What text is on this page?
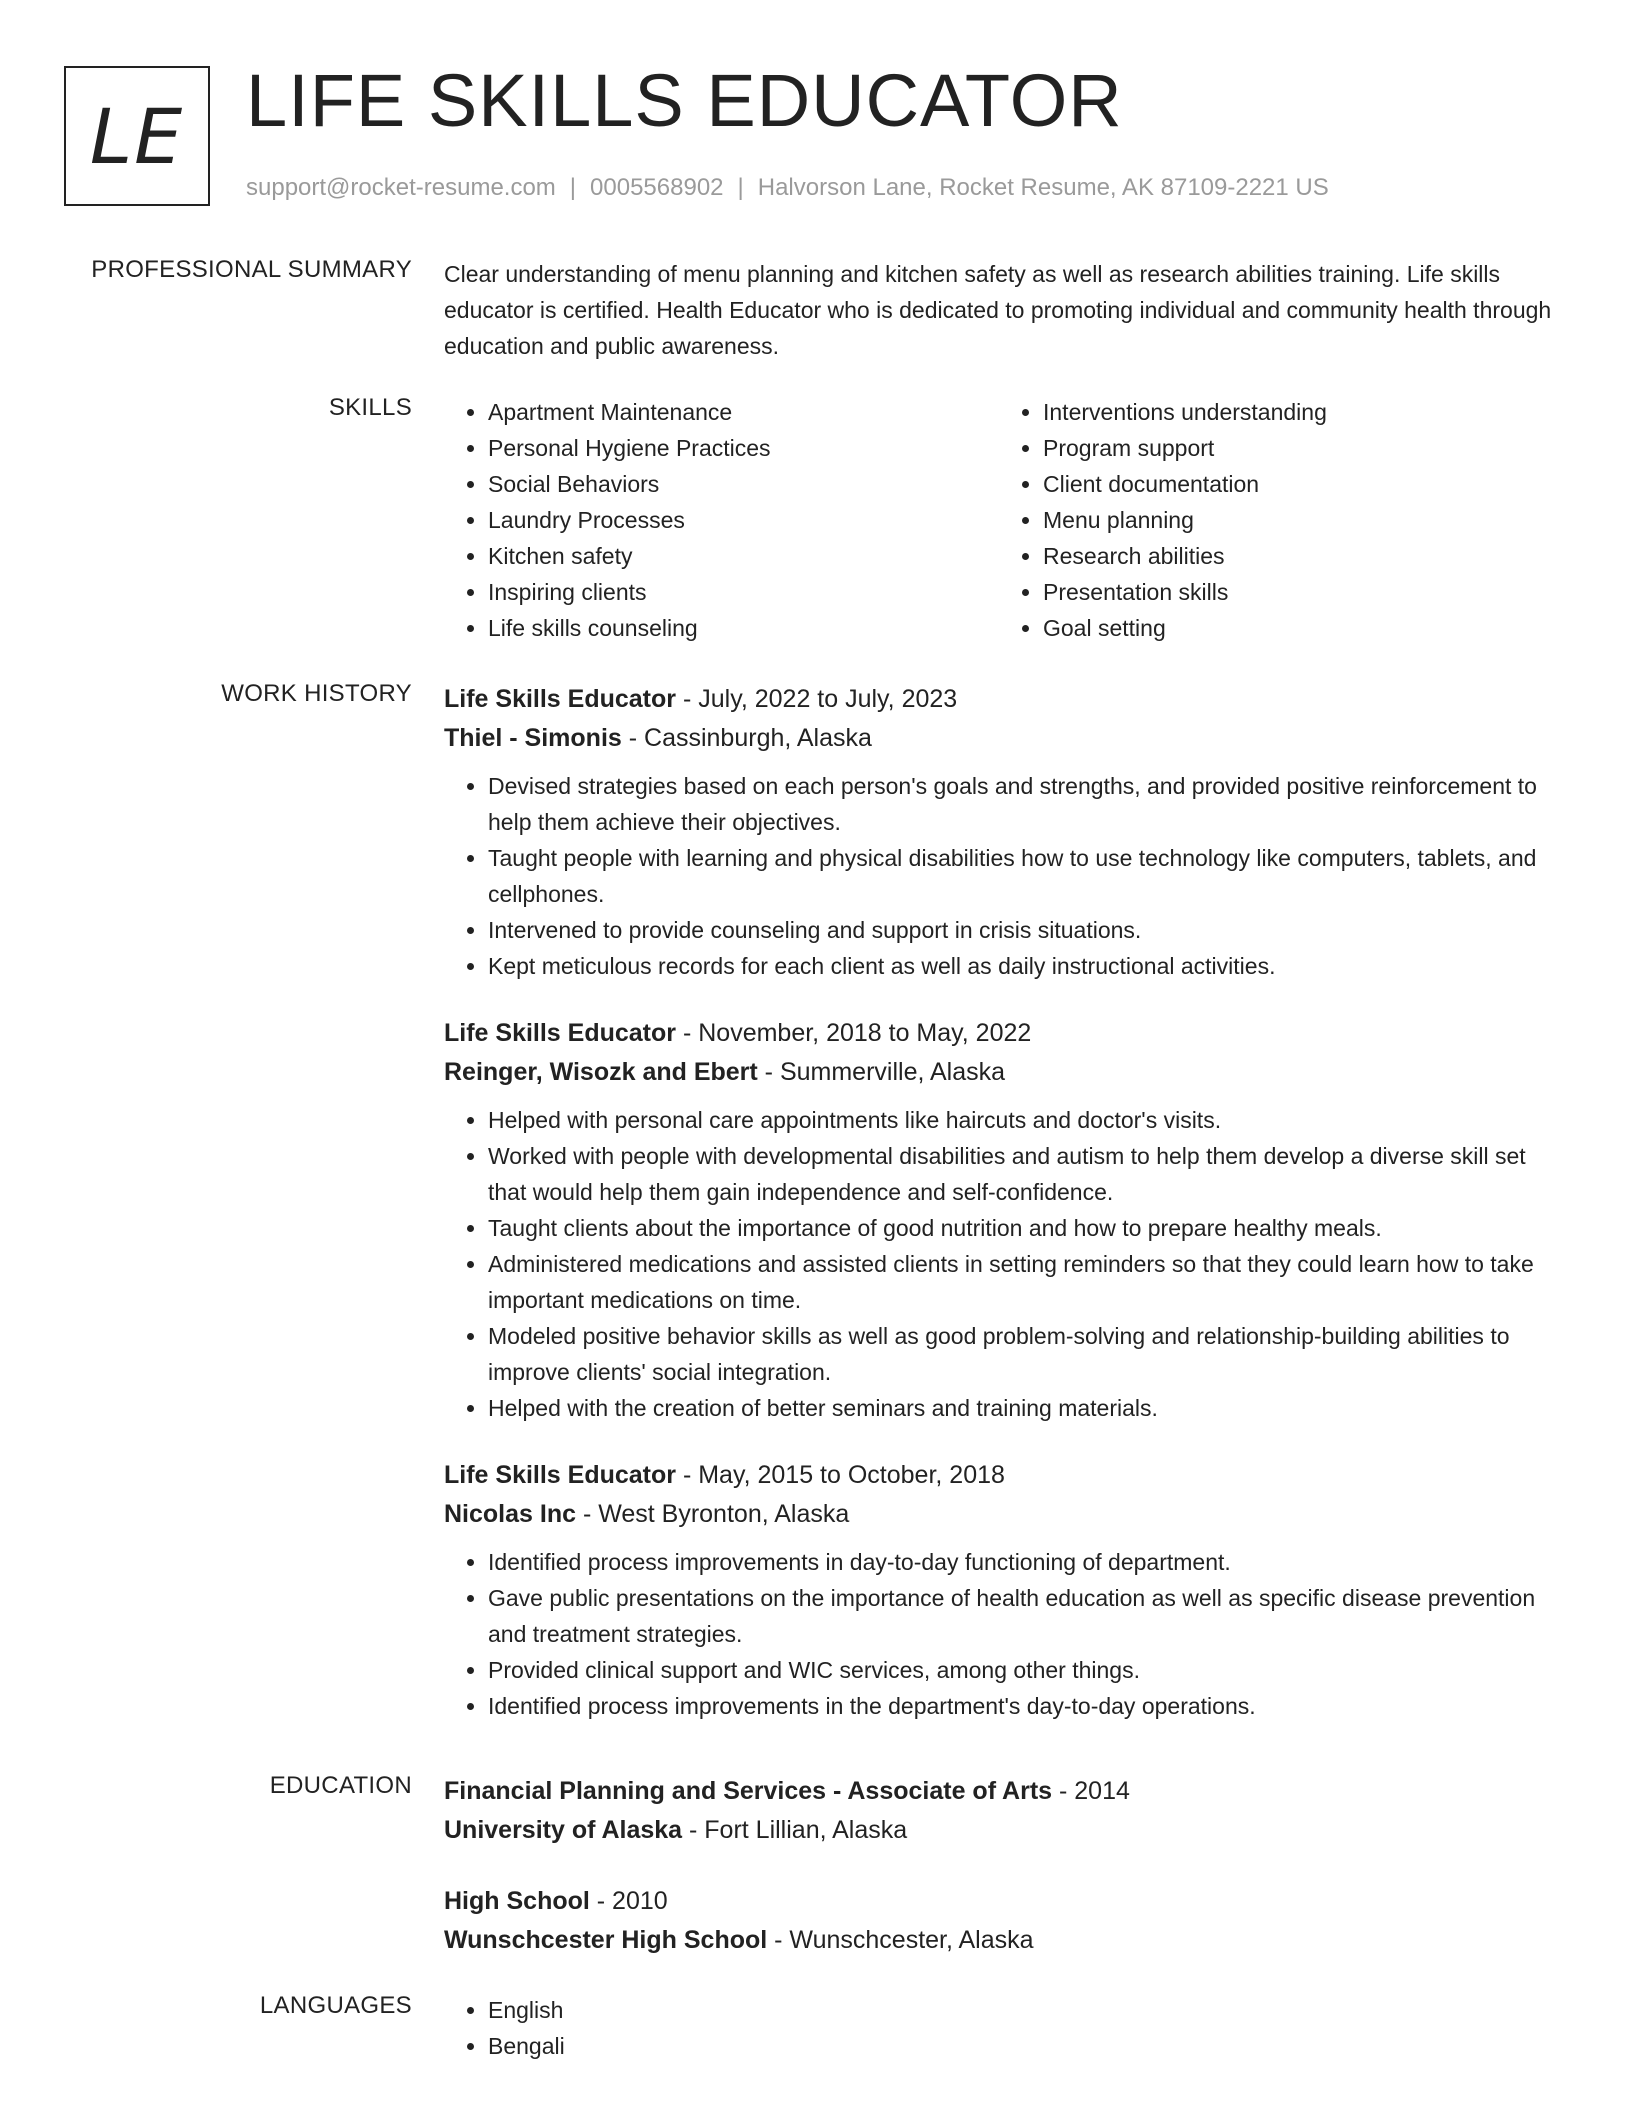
LE LIFE SKILLS EDUCATOR
support@rocket-resume.com | 0005568902 | Halvorson Lane, Rocket Resume, AK 87109-2221 US
PROFESSIONAL SUMMARY Clear understanding of menu planning and kitchen safety as well as research abilities training. Life skills educator is certified. Health Educator who is dedicated to promoting individual and community health through education and public awareness.

SKILLS	• Apartment Maintenance
• Personal Hygiene Practices
• Social Behaviors
• Laundry Processes
• Kitchen safety
• Inspiring clients
• Life skills counseling
• Interventions understanding
• Program support
• Client documentation
• Menu planning
• Research abilities
• Presentation skills
• Goal setting
WORK HISTORY Life Skills Educator - July, 2022 to July, 2023
Thiel - Simonis - Cassinburgh, Alaska
• Devised strategies based on each person's goals and strengths, and provided positive reinforcement to help them achieve their objectives.
• Taught people with learning and physical disabilities how to use technology like computers, tablets, and cellphones.
• Intervened to provide counseling and support in crisis situations.
• Kept meticulous records for each client as well as daily instructional activities.
Life Skills Educator - November, 2018 to May, 2022
Reinger, Wisozk and Ebert - Summerville, Alaska
• Helped with personal care appointments like haircuts and doctor's visits.
• Worked with people with developmental disabilities and autism to help them develop a diverse skill set that would help them gain independence and self-confidence.
• Taught clients about the importance of good nutrition and how to prepare healthy meals.
• Administered medications and assisted clients in setting reminders so that they could learn how to take important medications on time.
• Modeled positive behavior skills as well as good problem-solving and relationship-building abilities to improve clients' social integration.
• Helped with the creation of better seminars and training materials.
Life Skills Educator - May, 2015 to October, 2018
Nicolas Inc - West Byronton, Alaska
• Identified process improvements in day-to-day functioning of department.
• Gave public presentations on the importance of health education as well as specific disease prevention and treatment strategies.
• Provided clinical support and WIC services, among other things.
• Identified process improvements in the department's day-to-day operations.
EDUCATION Financial Planning and Services - Associate of Arts - 2014
University of Alaska - Fort Lillian, Alaska
High School - 2010
Wunschcester High School - Wunschcester, Alaska
LANGUAGES	• English
• Bengali
